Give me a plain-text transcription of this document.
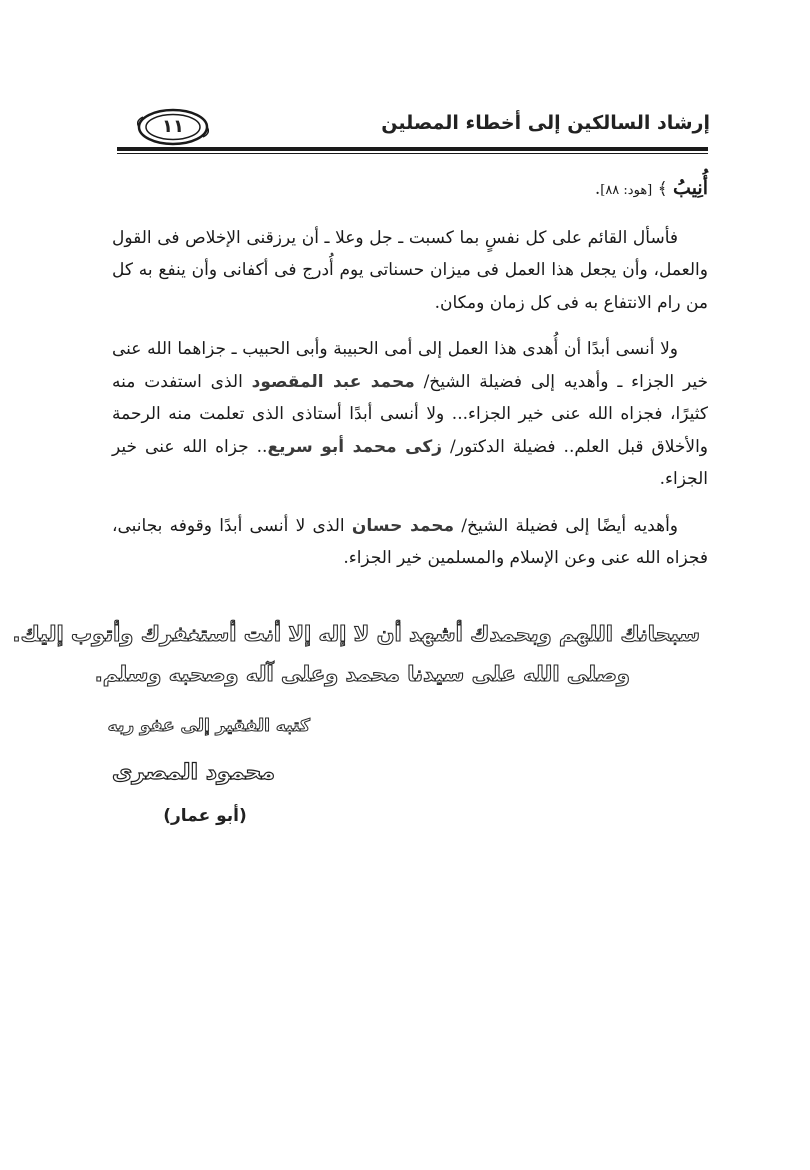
إرشاد السالكين إلى أخطاء المصلين
١١

أُنِيبُ ﴾ [هود: ٨٨].

فأسأل القائم على كل نفسٍ بما كسبت ـ جل وعلا ـ أن يرزقنى الإخلاص فى القول والعمل، وأن يجعل هذا العمل فى ميزان حسناتى يوم أُدرج فى أكفانى وأن ينفع به كل من رام الانتفاع به فى كل زمان ومكان.

ولا أنسى أبدًا أن أُهدى هذا العمل إلى أمى الحبيبة وأبى الحبيب ـ جزاهما الله عنى خير الجزاء ـ وأهديه إلى فضيلة الشيخ/ محمد عبد المقصود الذى استفدت منه كثيرًا، فجزاه الله عنى خير الجزاء... ولا أنسى أبدًا أستاذى الذى تعلمت منه الرحمة والأخلاق قبل العلم.. فضيلة الدكتور/ زكى محمد أبو سريع.. جزاه الله عنى خير الجزاء.

وأهديه أيضًا إلى فضيلة الشيخ/ محمد حسان الذى لا أنسى أبدًا وقوفه بجانبى، فجزاه الله عنى وعن الإسلام والمسلمين خير الجزاء.

سبحانك اللهم وبحمدك أشهد أن لا إله إلا أنت أستغفرك وأتوب إليك.
وصلى الله على سيدنا محمد وعلى آله وصحبه وسلم.
كتبه الفقير إلى عفو ربه
محمود المصرى
(أبو عمار)
